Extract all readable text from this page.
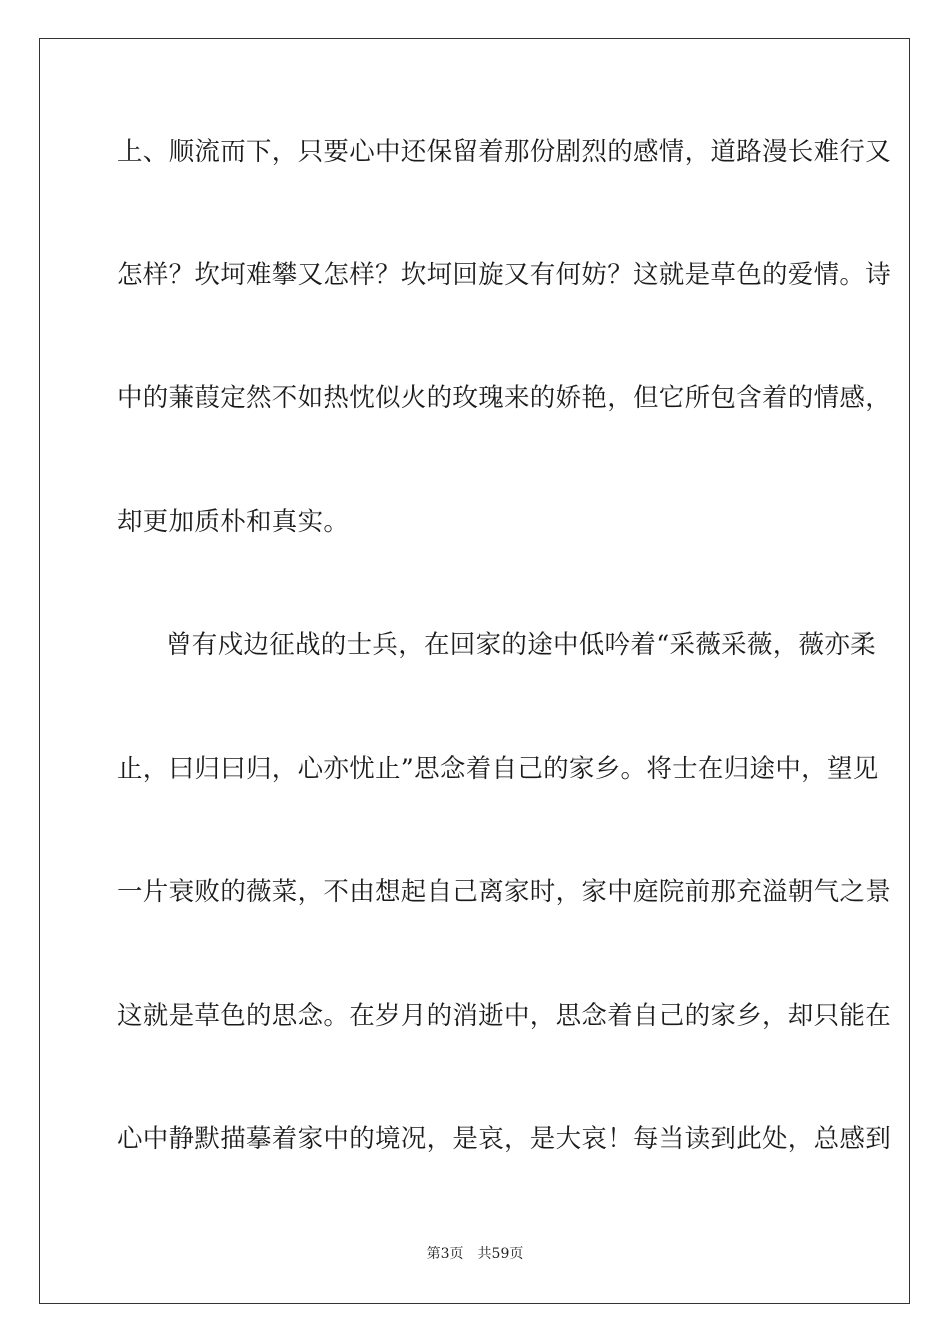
上、顺流而下，只要心中还保留着那份剧烈的感情，道路漫长难行又
怎样？坎坷难攀又怎样？坎坷回旋又有何妨？这就是草色的爱情。诗
中的蒹葭定然不如热忱似火的玫瑰来的娇艳，但它所包含着的情感，
却更加质朴和真实。
曾有戍边征战的士兵，在回家的途中低吟着“采薇采薇，薇亦柔
止，曰归曰归，心亦忧止”思念着自己的家乡。将士在归途中，望见
一片衰败的薇菜，不由想起自己离家时，家中庭院前那充溢朝气之景
这就是草色的思念。在岁月的消逝中，思念着自己的家乡，却只能在
心中静默描摹着家中的境况，是哀，是大哀！每当读到此处，总感到
第3页 共59页
